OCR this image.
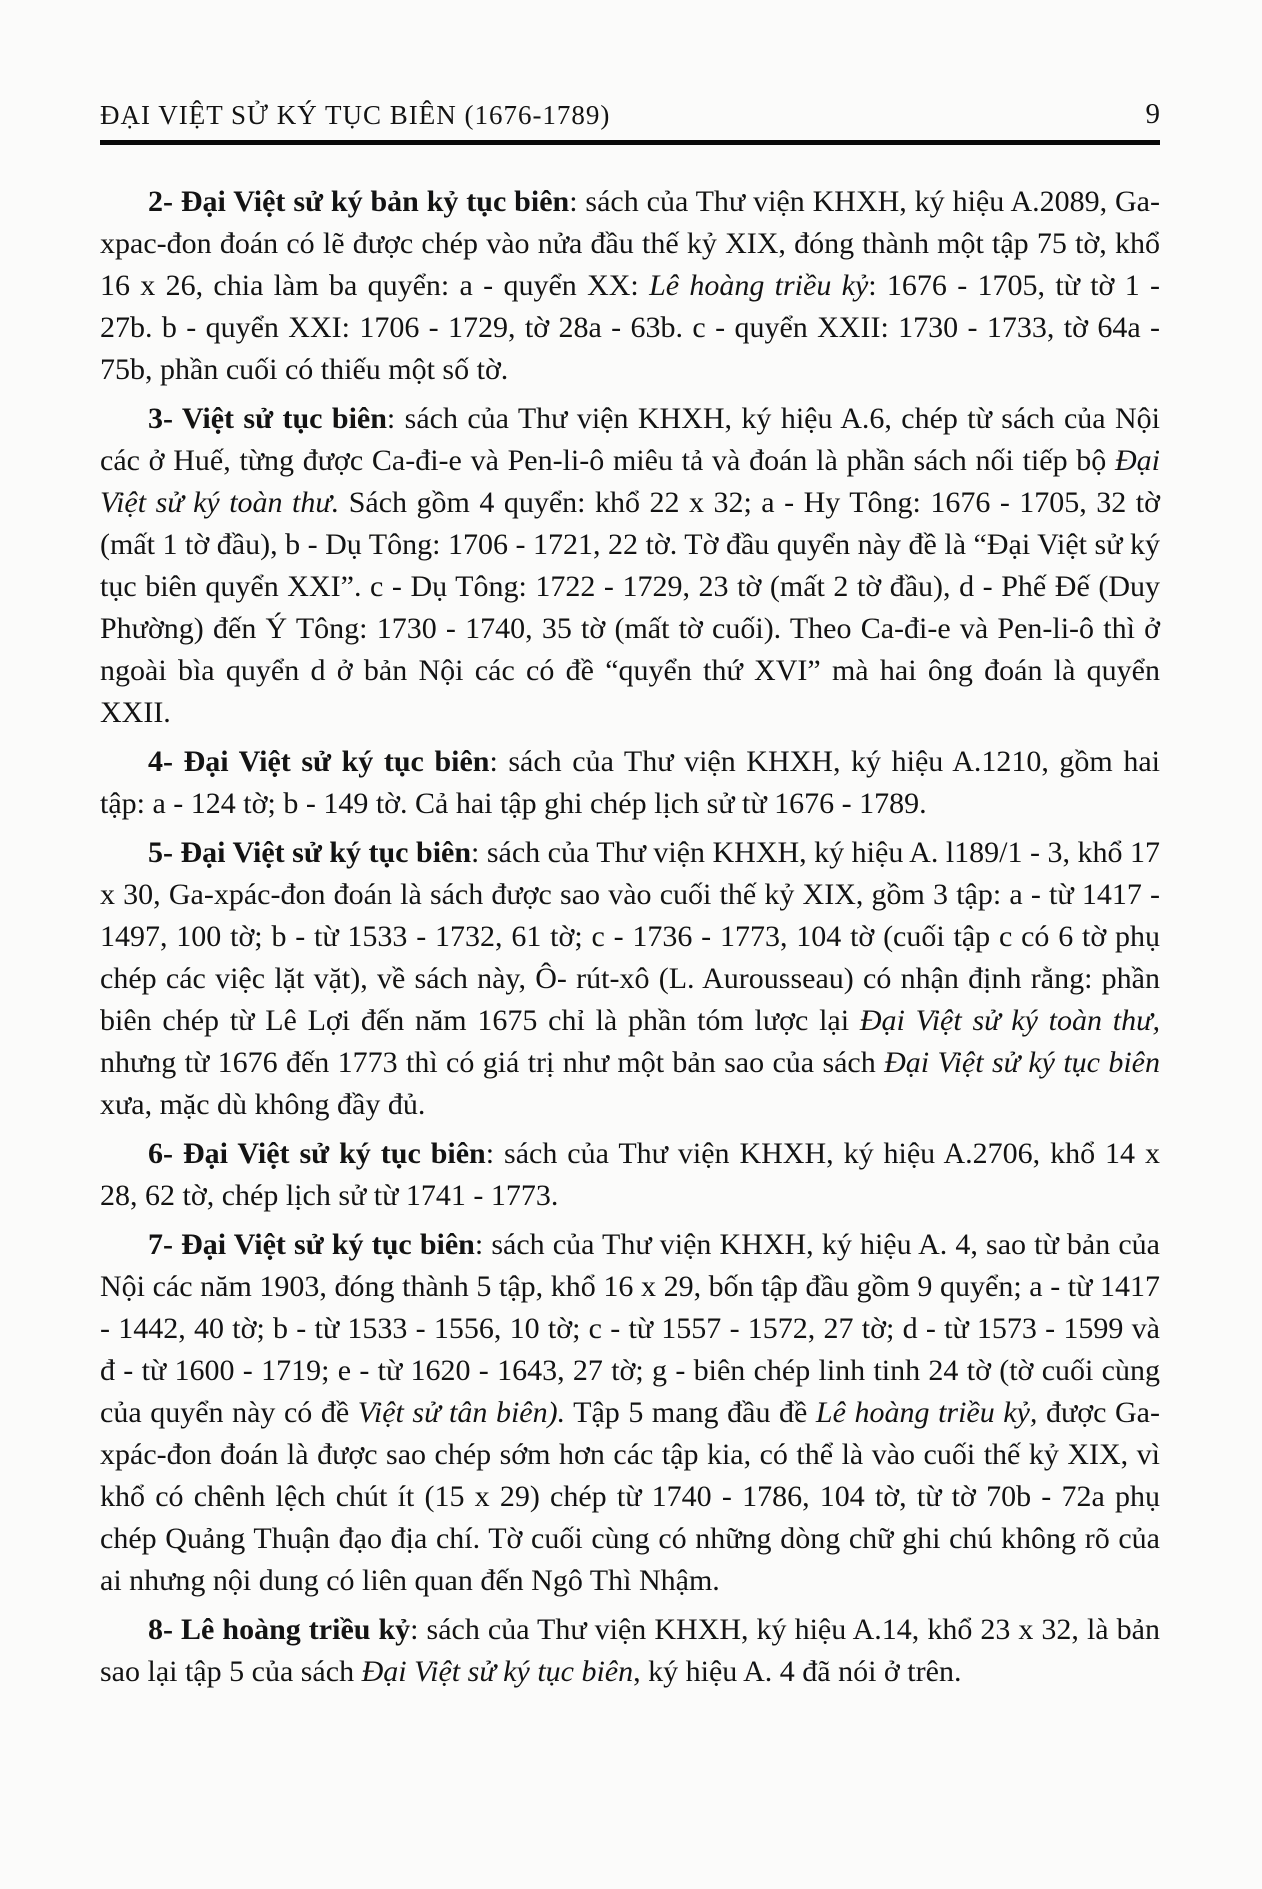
ĐẠI VIỆT SỬ KÝ TỤC BIÊN (1676-1789)	9

2- Đại Việt sử ký bản kỷ tục biên: sách của Thư viện KHXH, ký hiệu A.2089, Ga-xpac-đon đoán có lẽ được chép vào nửa đầu thế kỷ XIX, đóng thành một tập 75 tờ, khổ 16 x 26, chia làm ba quyển: a - quyển XX: Lê hoàng triều kỷ: 1676 - 1705, từ tờ 1 - 27b. b - quyển XXI: 1706 - 1729, tờ 28a - 63b. c - quyển XXII: 1730 - 1733, tờ 64a - 75b, phần cuối có thiếu một số tờ.

3- Việt sử tục biên: sách của Thư viện KHXH, ký hiệu A.6, chép từ sách của Nội các ở Huế, từng được Ca-đi-e và Pen-li-ô miêu tả và đoán là phần sách nối tiếp bộ Đại Việt sử ký toàn thư. Sách gồm 4 quyển: khổ 22 x 32; a - Hy Tông: 1676 - 1705, 32 tờ (mất 1 tờ đầu), b - Dụ Tông: 1706 - 1721, 22 tờ. Tờ đầu quyển này đề là “Đại Việt sử ký tục biên quyển XXI”. c - Dụ Tông: 1722 - 1729, 23 tờ (mất 2 tờ đầu), d - Phế Đế (Duy Phường) đến Ý Tông: 1730 - 1740, 35 tờ (mất tờ cuối). Theo Ca-đi-e và Pen-li-ô thì ở ngoài bìa quyển d ở bản Nội các có đề “quyển thứ XVI” mà hai ông đoán là quyển XXII.

4- Đại Việt sử ký tục biên: sách của Thư viện KHXH, ký hiệu A.1210, gồm hai tập: a - 124 tờ; b - 149 tờ. Cả hai tập ghi chép lịch sử từ 1676 - 1789.

5- Đại Việt sử ký tục biên: sách của Thư viện KHXH, ký hiệu A. l189/1 - 3, khổ 17 x 30, Ga-xpác-đon đoán là sách được sao vào cuối thế kỷ XIX, gồm 3 tập: a - từ 1417 - 1497, 100 tờ; b - từ 1533 - 1732, 61 tờ; c - 1736 - 1773, 104 tờ (cuối tập c có 6 tờ phụ chép các việc lặt vặt), về sách này, Ô- rút-xô (L. Aurousseau) có nhận định rằng: phần biên chép từ Lê Lợi đến năm 1675 chỉ là phần tóm lược lại Đại Việt sử ký toàn thư, nhưng từ 1676 đến 1773 thì có giá trị như một bản sao của sách Đại Việt sử ký tục biên xưa, mặc dù không đầy đủ.

6- Đại Việt sử ký tục biên: sách của Thư viện KHXH, ký hiệu A.2706, khổ 14 x 28, 62 tờ, chép lịch sử từ 1741 - 1773.

7- Đại Việt sử ký tục biên: sách của Thư viện KHXH, ký hiệu A. 4, sao từ bản của Nội các năm 1903, đóng thành 5 tập, khổ 16 x 29, bốn tập đầu gồm 9 quyển; a - từ 1417 - 1442, 40 tờ; b - từ 1533 - 1556, 10 tờ; c - từ 1557 - 1572, 27 tờ; d - từ 1573 - 1599 và đ - từ 1600 - 1719; e - từ 1620 - 1643, 27 tờ; g - biên chép linh tinh 24 tờ (tờ cuối cùng của quyển này có đề Việt sử tân biên). Tập 5 mang đầu đề Lê hoàng triều kỷ, được Ga-xpác-đon đoán là được sao chép sớm hơn các tập kia, có thể là vào cuối thế kỷ XIX, vì khổ có chênh lệch chút ít (15 x 29) chép từ 1740 - 1786, 104 tờ, từ tờ 70b - 72a phụ chép Quảng Thuận đạo địa chí. Tờ cuối cùng có những dòng chữ ghi chú không rõ của ai nhưng nội dung có liên quan đến Ngô Thì Nhậm.

8- Lê hoàng triều kỷ: sách của Thư viện KHXH, ký hiệu A.14, khổ 23 x 32, là bản sao lại tập 5 của sách Đại Việt sử ký tục biên, ký hiệu A. 4 đã nói ở trên.
